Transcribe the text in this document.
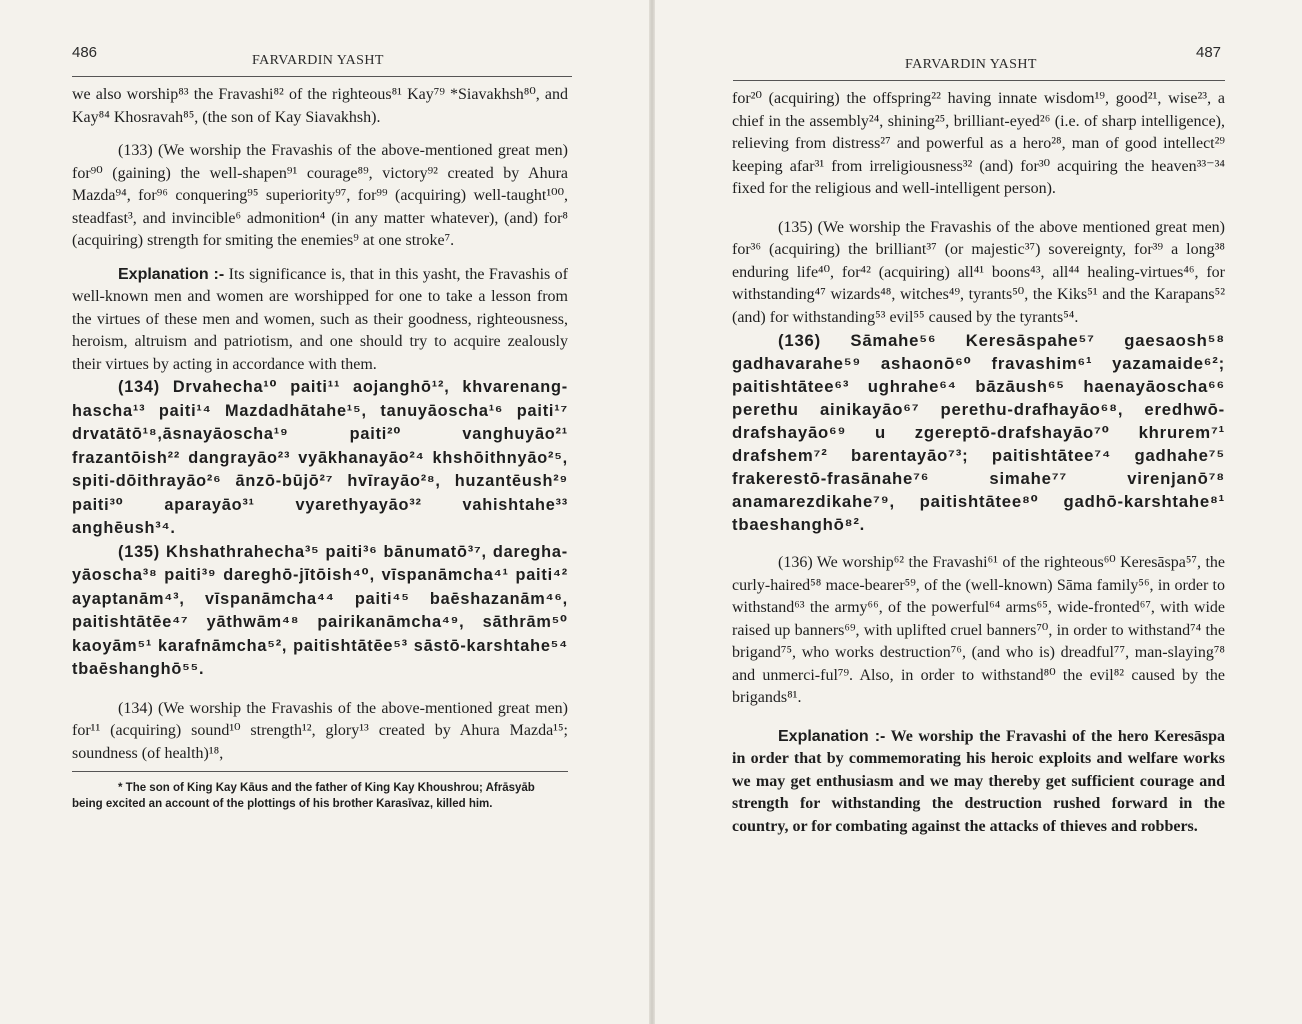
486	FARVARDIN YASHT

we also worship⁸³ the Fravashi⁸² of the righteous⁸¹ Kay⁷⁹ *Siavakhsh⁸⁰, and Kay⁸⁴ Khosravah⁸⁵, (the son of Kay Siavakhsh).

(133) (We worship the Fravashis of the above-mentioned great men) for⁹⁰ (gaining) the well-shapen⁹¹ courage⁸⁹, victory⁹² created by Ahura Mazda⁹⁴, for⁹⁶ conquering⁹⁵ superiority⁹⁷, for⁹⁹ (acquiring) well-taught¹⁰⁰, steadfast³, and invincible⁶ admonition⁴ (in any matter whatever), (and) for⁸ (acquiring) strength for smiting the enemies⁹ at one stroke⁷.

Explanation :- Its significance is, that in this yasht, the Fravashis of well-known men and women are worshipped for one to take a lesson from the virtues of these men and women, such as their goodness, righteousness, heroism, altruism and patriotism, and one should try to acquire zealously their virtues by acting in accordance with them.

(134) Drvahecha¹⁰ paiti¹¹ aojanghō¹², khvarenang-hascha¹³ paiti¹⁴ Mazdadhātahe¹⁵, tanuyāoscha¹⁶ paiti¹⁷ drvatātō¹⁸,āsnayāoscha¹⁹ paiti²⁰ vanghuyāo²¹ frazantōish²² dangrayāo²³ vyākhanayāo²⁴ khshōithnyāo²⁵, spiti-dōithrayāo²⁶ ānzō-būjō²⁷ hvīrayāo²⁸, huzantēush²⁹ paiti³⁰ aparayāo³¹ vyarethyayāo³² vahishtahe³³ anghēush³⁴.

(135) Khshathrahecha³⁵ paiti³⁶ bānumatō³⁷, daregha-yāoscha³⁸ paiti³⁹ dareghō-jītōish⁴⁰, vīspanāmcha⁴¹ paiti⁴² ayaptanām⁴³, vīspanāmcha⁴⁴ paiti⁴⁵ baēshazanām⁴⁶, paitishtātēe⁴⁷ yāthwām⁴⁸ pairikanāmcha⁴⁹, sāthrām⁵⁰ kaoyām⁵¹ karafnāmcha⁵², paitishtātēe⁵³ sāstō-karshtahe⁵⁴ tbaēshanghō⁵⁵.

(134) (We worship the Fravashis of the above-mentioned great men) for¹¹ (acquiring) sound¹⁰ strength¹², glory¹³ created by Ahura Mazda¹⁵; soundness (of health)¹⁸,

* The son of King Kay Kāus and the father of King Kay Khoushrou; Afrāsyāb being excited an account of the plottings of his brother Karasīvaz, killed him.

FARVARDIN YASHT
487

for²⁰ (acquiring) the offspring²² having innate wisdom¹⁹, good²¹, wise²³, a chief in the assembly²⁴, shining²⁵, brilliant-eyed²⁶ (i.e. of sharp intelligence), relieving from distress²⁷ and powerful as a hero²⁸, man of good intellect²⁹ keeping afar³¹ from irreligiousness³² (and) for³⁰ acquiring the heaven³³⁻³⁴ fixed for the religious and well-intelligent person).

(135) (We worship the Fravashis of the above mentioned great men) for³⁶ (acquiring) the brilliant³⁷ (or majestic³⁷) sovereignty, for³⁹ a long³⁸ enduring life⁴⁰, for⁴² (acquiring) all⁴¹ boons⁴³, all⁴⁴ healing-virtues⁴⁶, for withstanding⁴⁷ wizards⁴⁸, witches⁴⁹, tyrants⁵⁰, the Kiks⁵¹ and the Karapans⁵² (and) for withstanding⁵³ evil⁵⁵ caused by the tyrants⁵⁴.

(136) Sāmahe⁵⁶ Keresāspahe⁵⁷ gaesaosh⁵⁸ gadhavarahe⁵⁹ ashaonō⁶⁰ fravashim⁶¹ yazamaide⁶²; paitishtātee⁶³ ughrahe⁶⁴ bāzāush⁶⁵ haenayāoscha⁶⁶ perethu ainikayāo⁶⁷ perethu-drafhayāo⁶⁸, eredhwō-drafshayāo⁶⁹ u zgereptō-drafshayāo⁷⁰ khrurem⁷¹ drafshem⁷² barentayāo⁷³; paitishtātee⁷⁴ gadhahe⁷⁵ frakerestō-frasānahe⁷⁶ simahe⁷⁷ virenjanō⁷⁸ anamarezdikahe⁷⁹, paitishtātee⁸⁰ gadhō-karshtahe⁸¹ tbaeshanghō⁸².

(136) We worship⁶² the Fravashi⁶¹ of the righteous⁶⁰ Keresāspa⁵⁷, the curly-haired⁵⁸ mace-bearer⁵⁹, of the (well-known) Sāma family⁵⁶, in order to withstand⁶³ the army⁶⁶, of the powerful⁶⁴ arms⁶⁵, wide-fronted⁶⁷, with wide raised up banners⁶⁹, with uplifted cruel banners⁷⁰, in order to withstand⁷⁴ the brigand⁷⁵, who works destruction⁷⁶, (and who is) dreadful⁷⁷, man-slaying⁷⁸ and unmerci-ful⁷⁹. Also, in order to withstand⁸⁰ the evil⁸² caused by the brigands⁸¹.

Explanation :- We worship the Fravashi of the hero Keresāspa in order that by commemorating his heroic exploits and welfare works we may get enthusiasm and we may thereby get sufficient courage and strength for withstanding the destruction rushed forward in the country, or for combating against the attacks of thieves and robbers.
